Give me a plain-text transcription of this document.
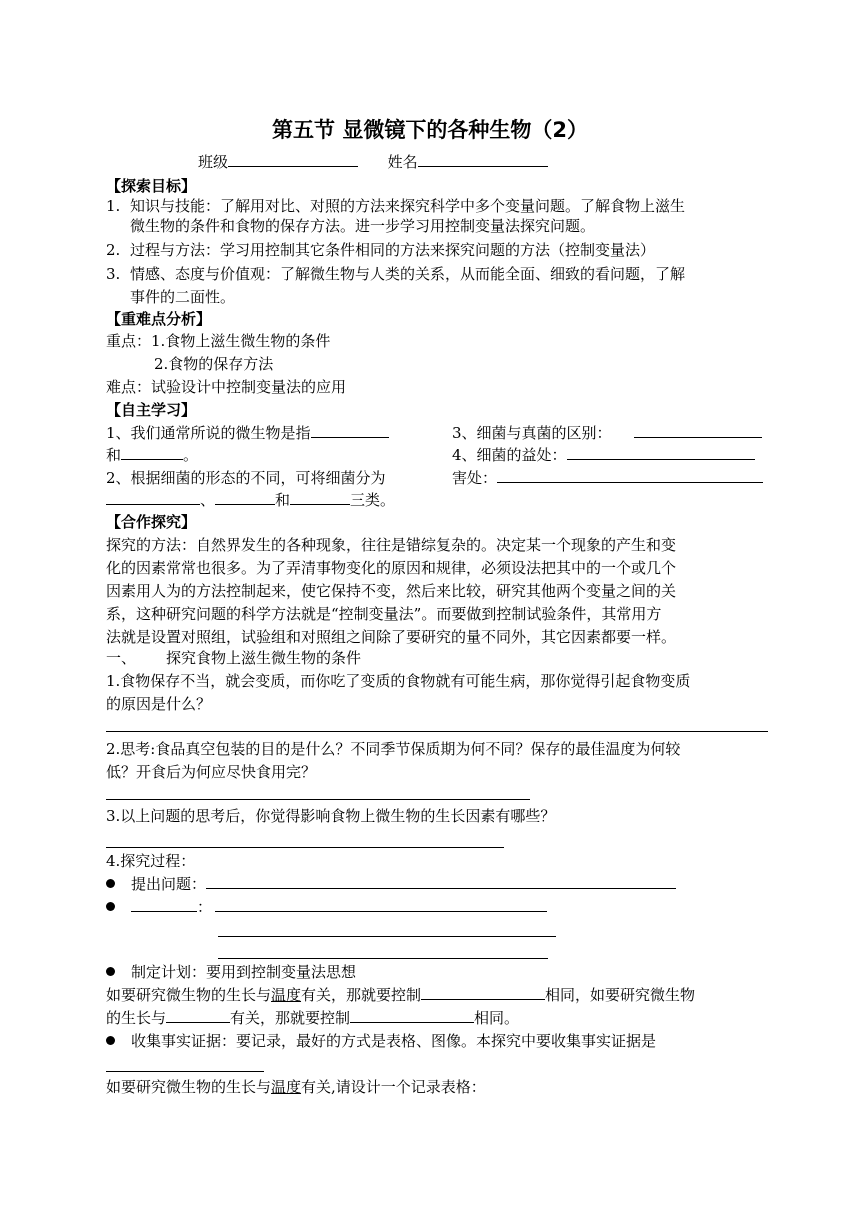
第五节 显微镜下的各种生物（2）
班级	姓名
【探索目标】
1. 知识与技能：了解用对比、对照的方法来探究科学中多个变量问题。了解食物上滋生
微生物的条件和食物的保存方法。进一步学习用控制变量法探究问题。
2. 过程与方法：学习用控制其它条件相同的方法来探究问题的方法（控制变量法）
3. 情感、态度与价值观：了解微生物与人类的关系，从而能全面、细致的看问题，了解
事件的二面性。
【重难点分析】
重点：1.食物上滋生微生物的条件
2.食物的保存方法
难点：试验设计中控制变量法的应用
【自主学习】
1、我们通常所说的微生物是指
和	。
2、根据细菌的形态的不同，可将细菌分为
、	和	三类。
3、细菌与真菌的区别：
4、细菌的益处：
害处：
【合作探究】
探究的方法：自然界发生的各种现象，往往是错综复杂的。决定某一个现象的产生和变
化的因素常常也很多。为了弄清事物变化的原因和规律，必须设法把其中的一个或几个
因素用人为的方法控制起来，使它保持不变，然后来比较，研究其他两个变量之间的关
系，这种研究问题的科学方法就是“控制变量法”。而要做到控制试验条件，其常用方
法就是设置对照组，试验组和对照组之间除了要研究的量不同外，其它因素都要一样。
一、 探究食物上滋生微生物的条件
1.食物保存不当，就会变质，而你吃了变质的食物就有可能生病，那你觉得引起食物变质
的原因是什么？
2.思考:食品真空包装的目的是什么？不同季节保质期为何不同？保存的最佳温度为何较
低？开食后为何应尽快食用完？
3.以上问题的思考后，你觉得影响食物上微生物的生长因素有哪些？
4.探究过程：
提出问题：
：
制定计划：要用到控制变量法思想
如要研究微生物的生长与温度有关，那就要控制	相同，如要研究微生物
的生长与	有关，那就要控制	相同。
收集事实证据：要记录，最好的方式是表格、图像。本探究中要收集事实证据是
如要研究微生物的生长与温度有关,请设计一个记录表格：
